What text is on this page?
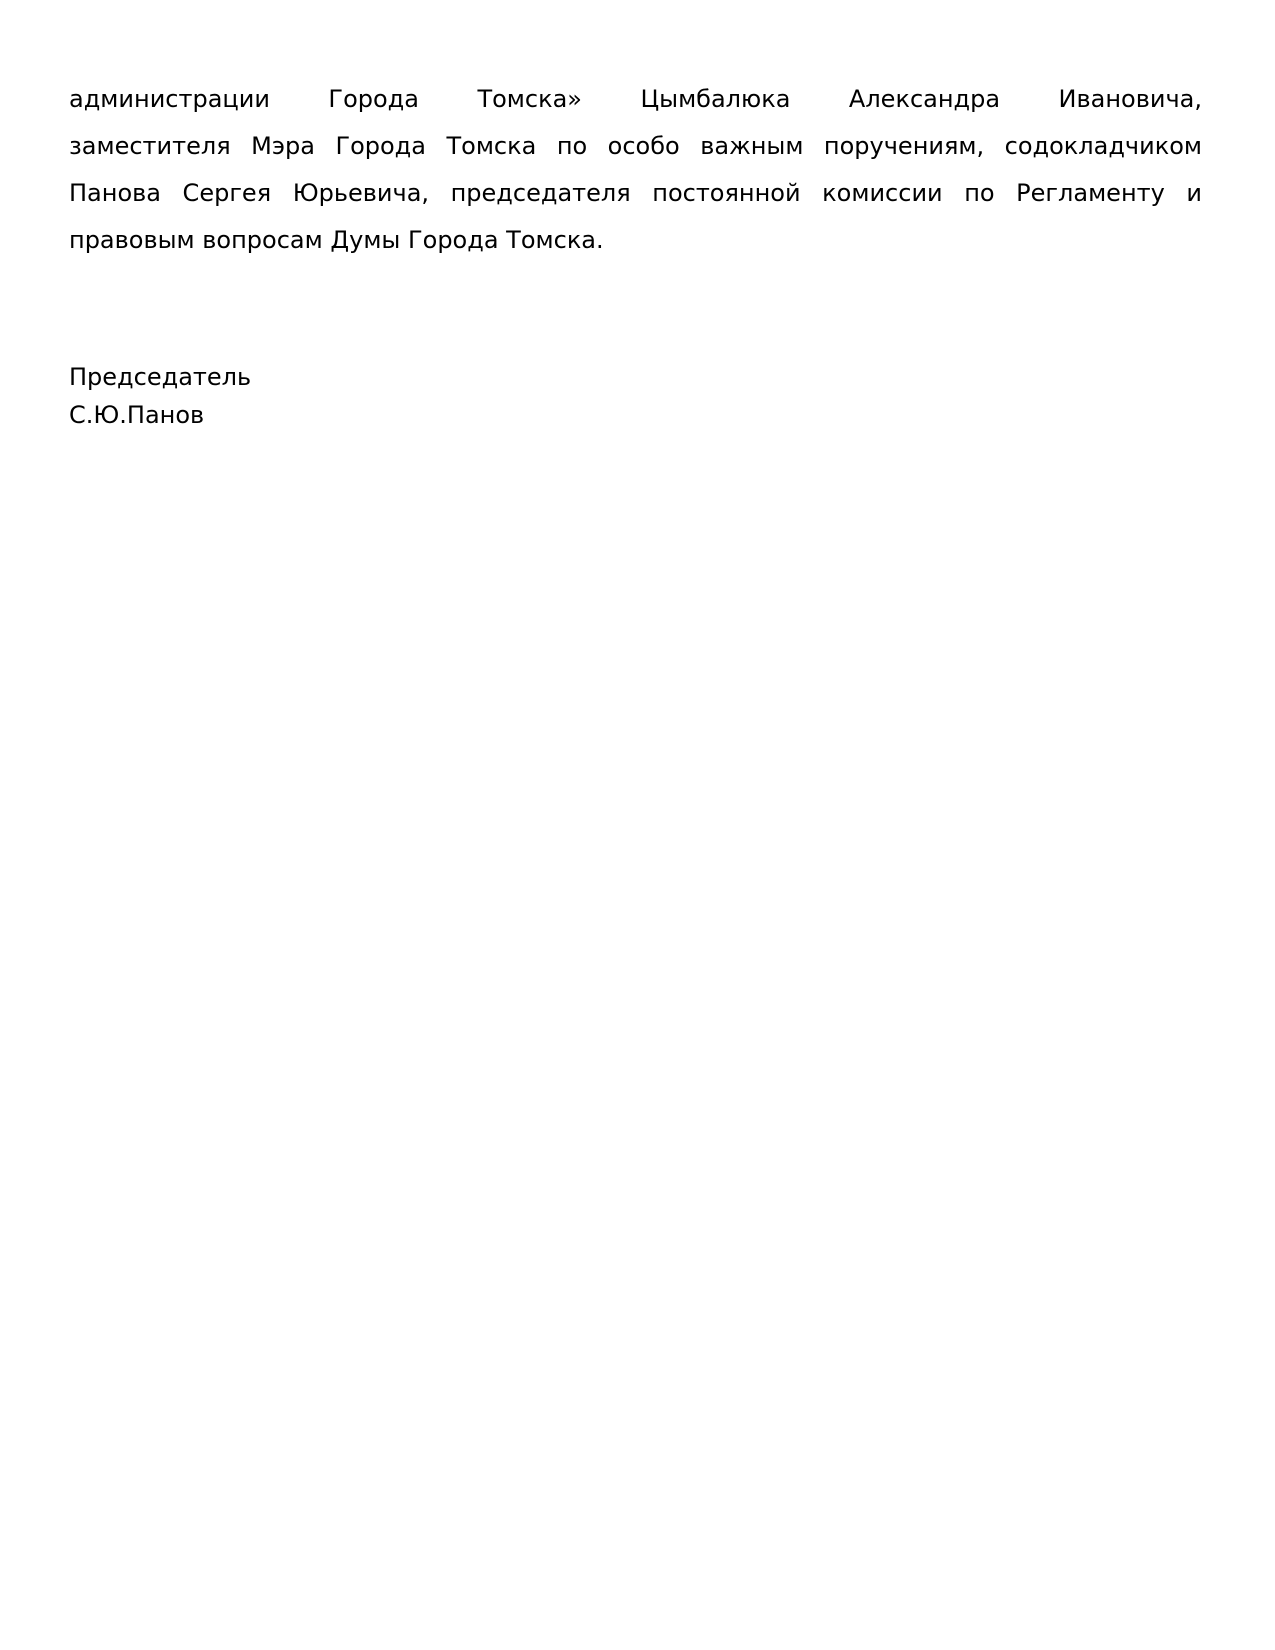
администрации Города Томска» Цымбалюка Александра Ивановича,
заместителя Мэра Города Томска по особо важным поручениям, содокладчиком
Панова Сергея Юрьевича, председателя постоянной комиссии по Регламенту и
правовым вопросам Думы Города Томска.
Председатель
С.Ю.Панов
